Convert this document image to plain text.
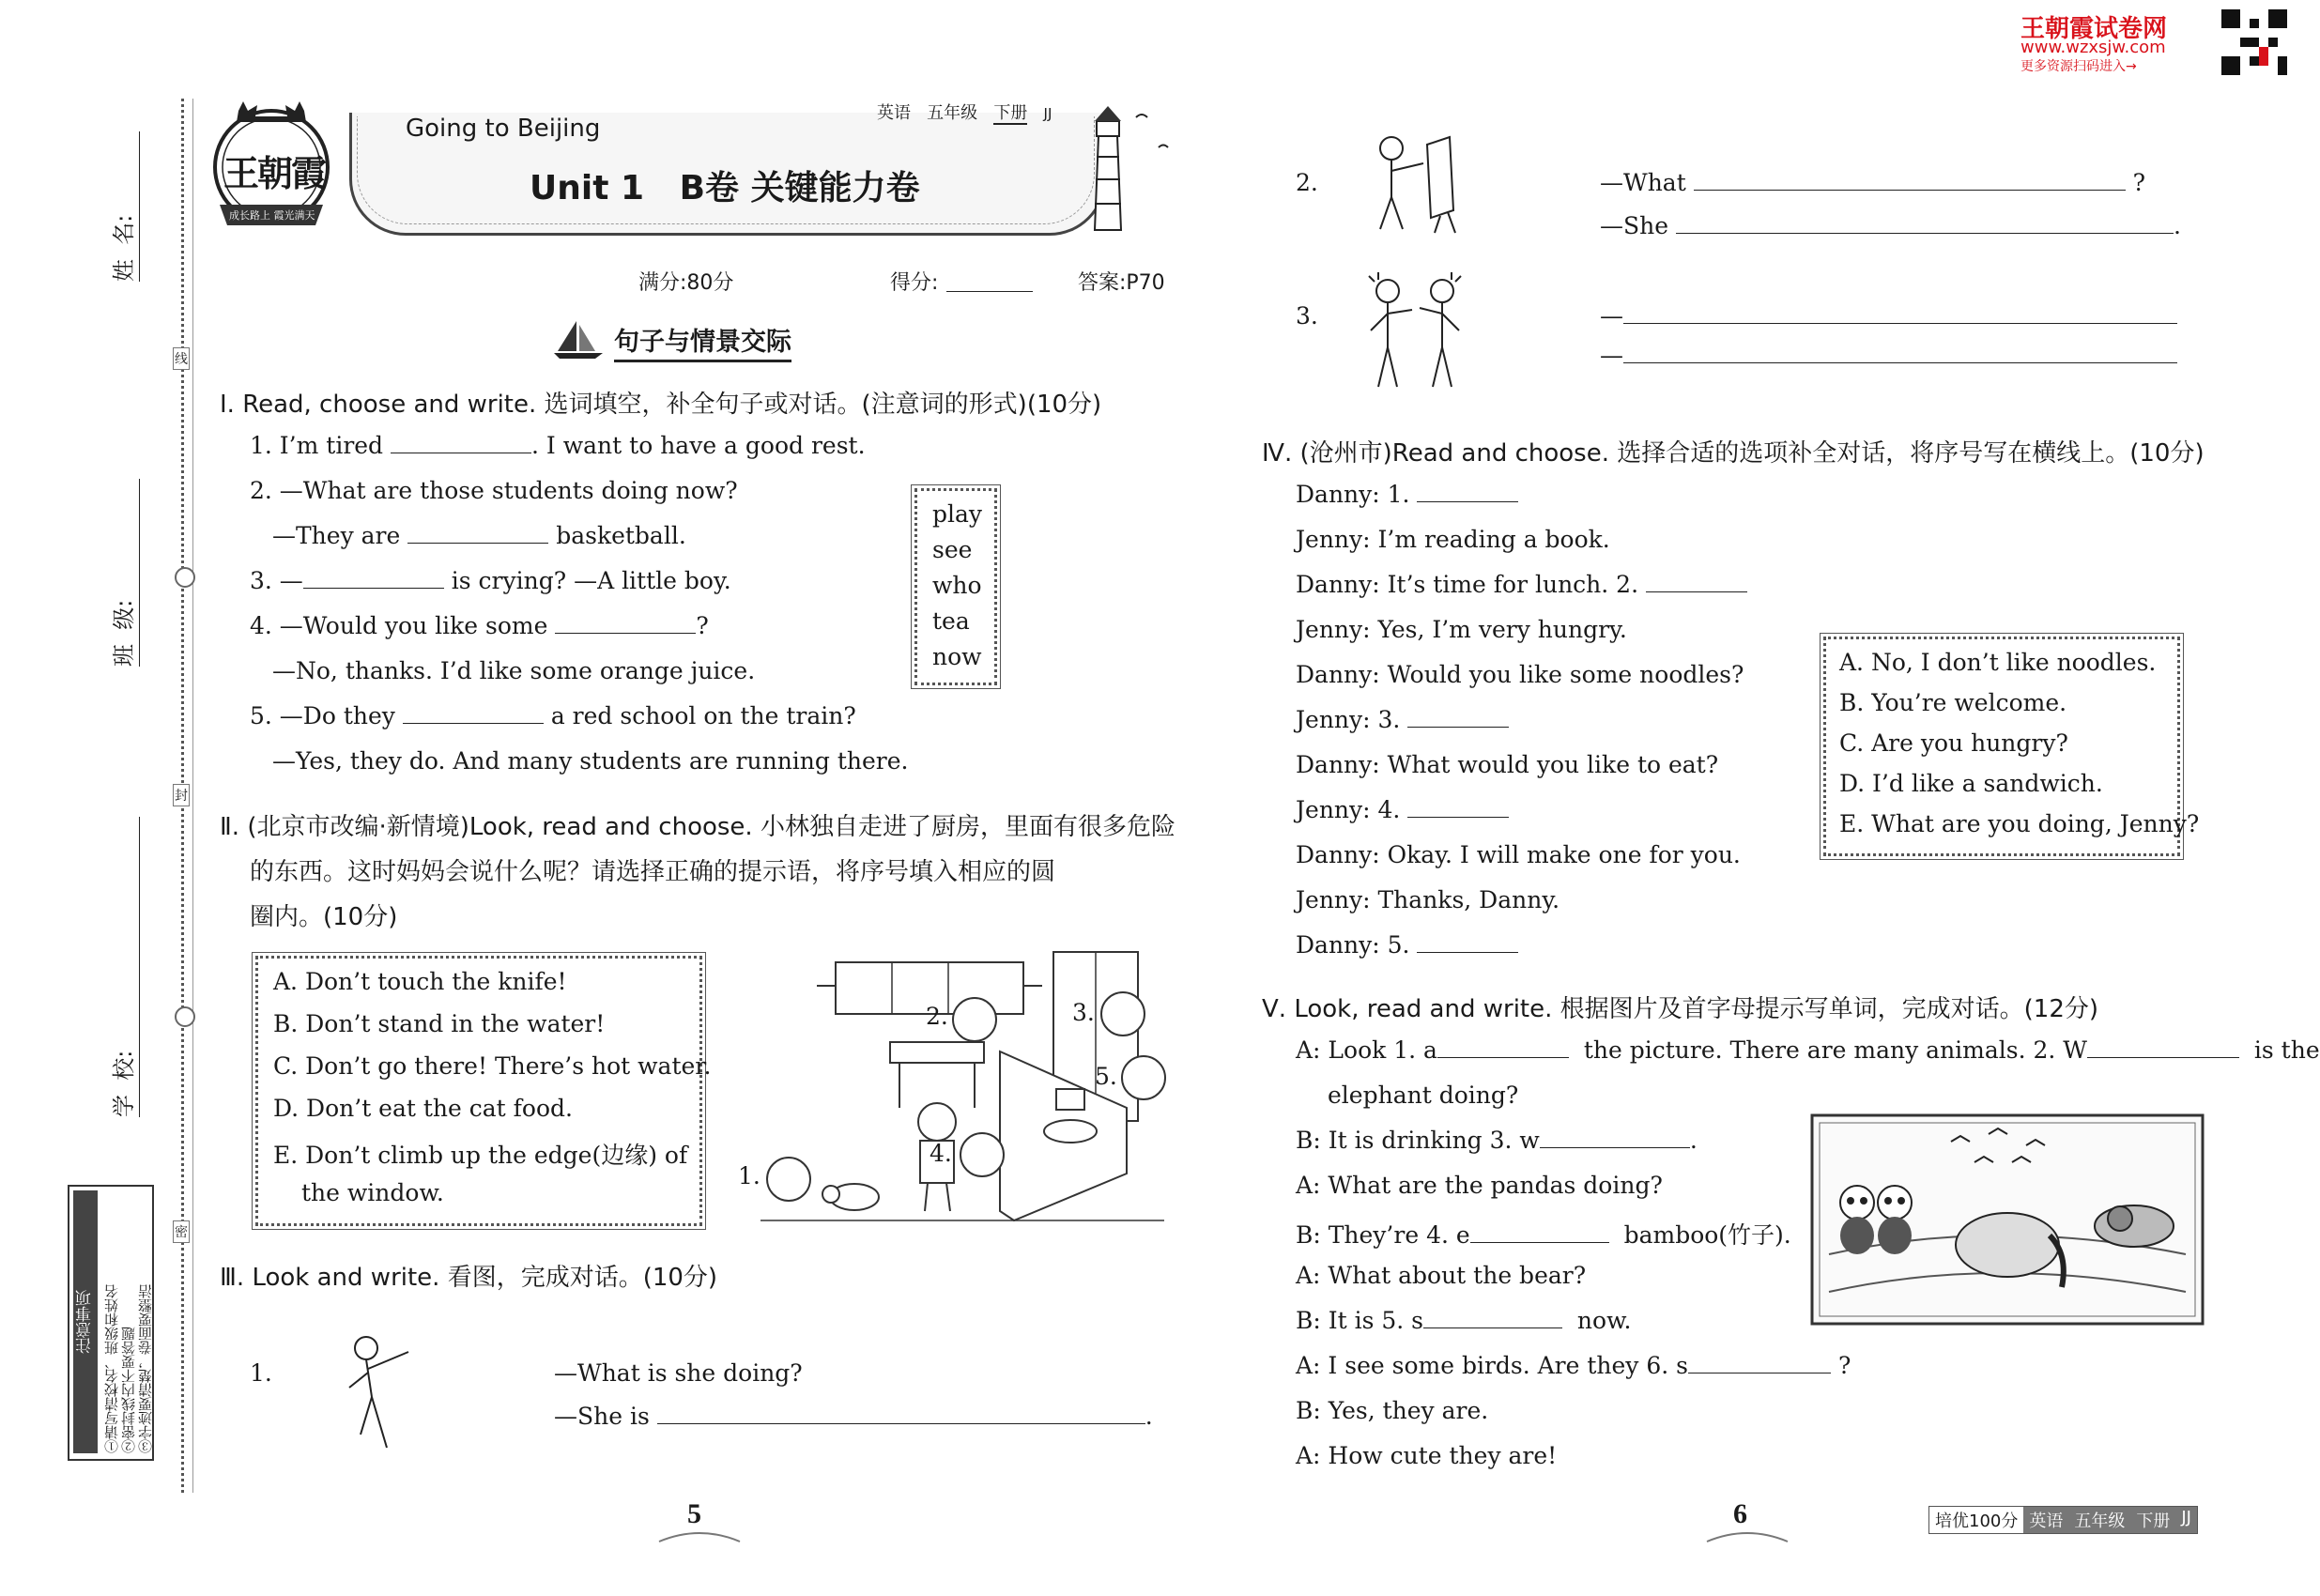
姓  名:
班  级:
学  校:
线
封
密
注意事项 ①请写清校名、班级和姓名 ②密封线内不要答题 ③字迹要清楚，卷面要整洁
王朝霞
成长路上 霞光满天
Going to Beijing
Unit 1   B卷 关键能力卷
英语 五年级 下册 JJ
满分:80分	得分:	答案:P70
句子与情景交际
王朝霞试卷网
www.wzxsjw.com
更多资源扫码进入→
Ⅰ. Read, choose and write. 选词填空，补全句子或对话。(注意词的形式)(10分)
1. I’m tired	. I want to have a good rest.
2. —What are those students doing now?
—They are	basketball.
3. —	is crying? —A little boy.
4. —Would you like some	?
—No, thanks. I’d like some orange juice.
5. —Do they	a red school on the train?
—Yes, they do. And many students are running there.
play
see
who
tea
now
Ⅱ. (北京市改编·新情境)Look, read and choose. 小林独自走进了厨房，里面有很多危险
的东西。这时妈妈会说什么呢？请选择正确的提示语，将序号填入相应的圆
圈内。(10分)
A. Don’t touch the knife!
B. Don’t stand in the water!
C. Don’t go there! There’s hot water.
D. Don’t eat the cat food.
E. Don’t climb up the edge(边缘) of
the window.
1.
2.	3.
4.
5.
Ⅲ. Look and write. 看图，完成对话。(10分)
1.	—What is she doing?
—She is	.
2.	—What	?
—She	.
3.	—
—
Ⅳ. (沧州市)Read and choose. 选择合适的选项补全对话，将序号写在横线上。(10分)
Danny: 1.
Jenny: I’m reading a book.
Danny: It’s time for lunch. 2.
Jenny: Yes, I’m very hungry.
Danny: Would you like some noodles?
Jenny: 3.
Danny: What would you like to eat?
Jenny: 4.
Danny: Okay. I will make one for you.
Jenny: Thanks, Danny.
Danny: 5.
A. No, I don’t like noodles.
B. You’re welcome.
C. Are you hungry?
D. I’d like a sandwich.
E. What are you doing, Jenny?
Ⅴ. Look, read and write. 根据图片及首字母提示写单词，完成对话。(12分)
A: Look 1. a	the picture. There are many animals. 2. W	is the
elephant doing?
B: It is drinking 3. w	.
A: What are the pandas doing?
B: They’re 4. e	bamboo(竹子).
A: What about the bear?
B: It is 5. s	now.
A: I see some birds. Are they 6. s	?
B: Yes, they are.
A: How cute they are!
5	6	培优100分 英语 五年级 下册 JJ
